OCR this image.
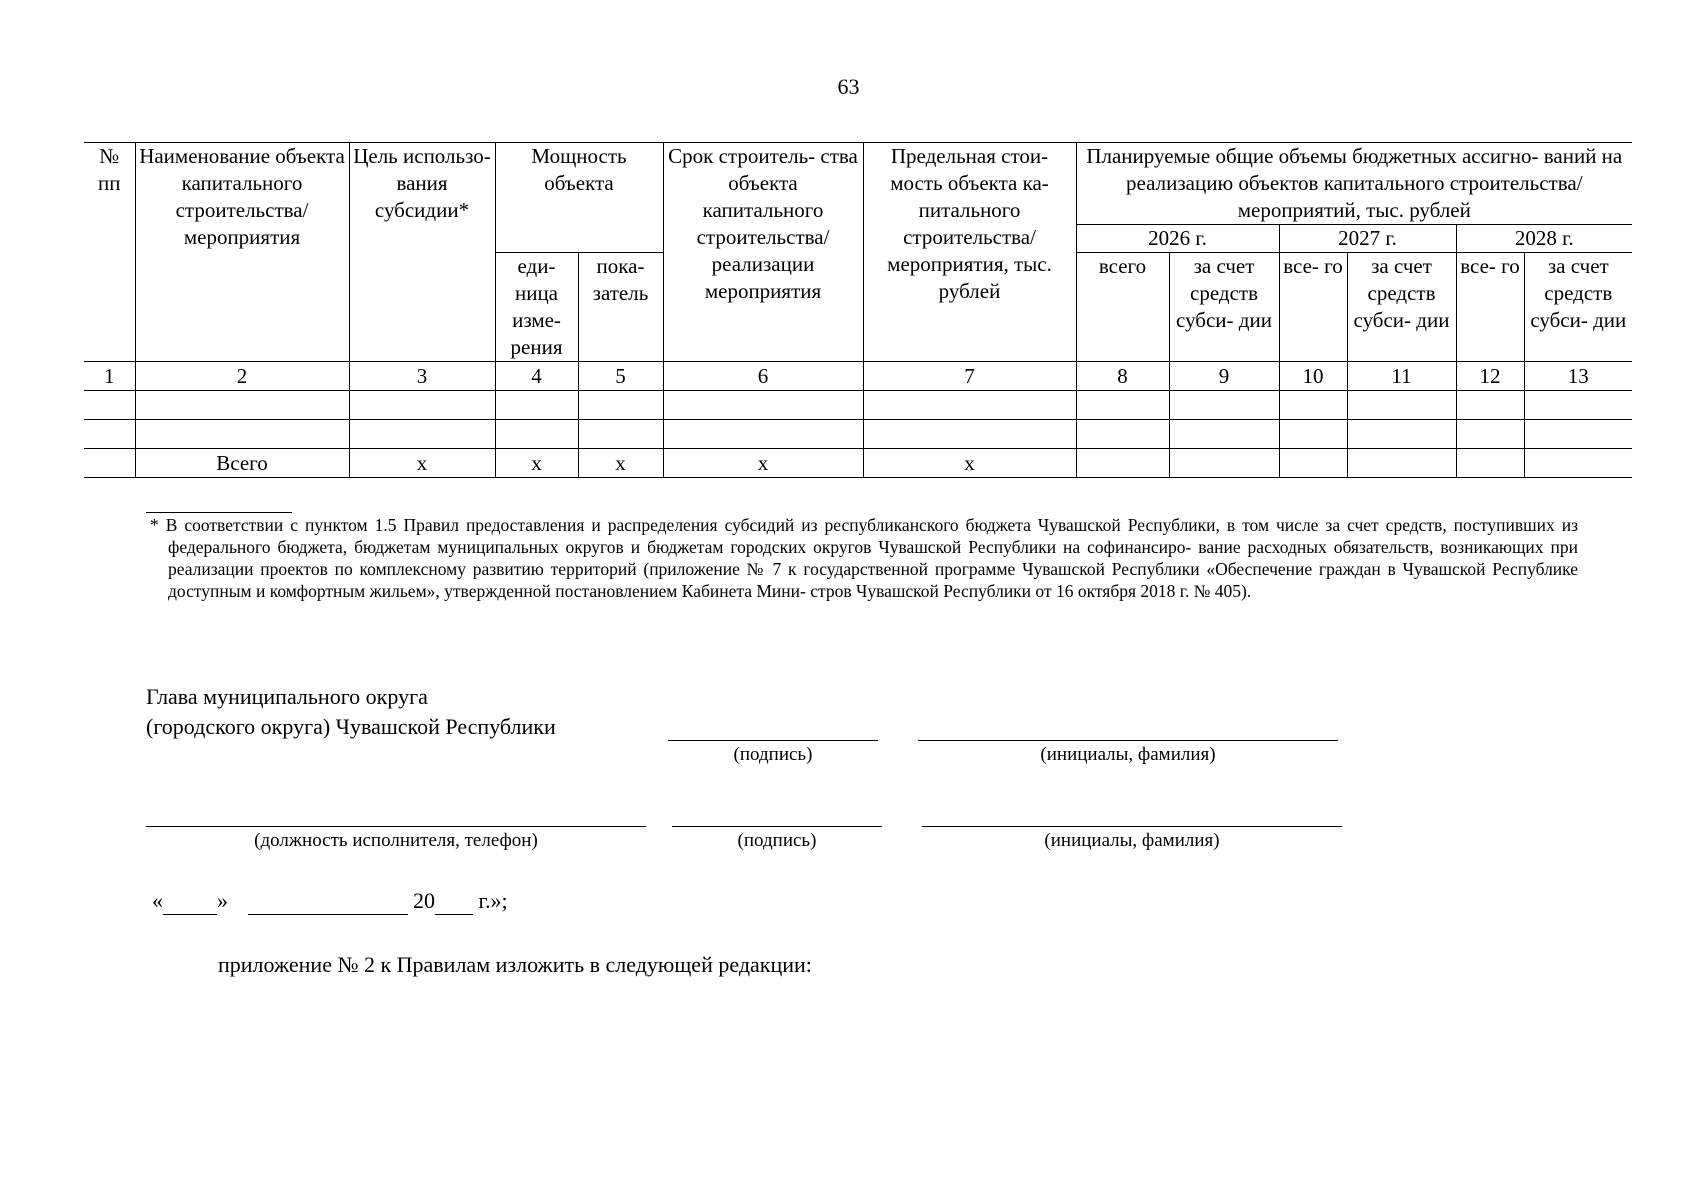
63
№ пп	Наименование объекта капитального строительства/ мероприятия	Цель использо- вания субсидии*	Мощность объекта		Срок строитель- ства объекта капитального строительства/ реализации мероприятия	Предельная стои- мость объекта ка- питального строительства/ мероприятия, тыс. рублей	Планируемые общие объемы бюджетных ассигно- ваний на реализацию объектов капитального строительства/мероприятий, тыс. рублей					
							2026 г.		2027 г.		2028 г.	
			еди- ница изме- рения	пока- затель			всего	за счет средств субси- дии	все- го	за счет средств субси- дии	все- го	за счет средств субси- дии
1	2	3	4	5	6	7	8	9	10	11	12	13

	Всего	х	х	х	х	х						
* В соответствии с пунктом 1.5 Правил предоставления и распределения субсидий из республиканского бюджета Чувашской Республики, в том числе за счет средств, поступивших из федерального бюджета, бюджетам муниципальных округов и бюджетам городских округов Чувашской Республики на софинансиро- вание расходных обязательств, возникающих при реализации проектов по комплексному развитию территорий (приложение № 7 к государственной программе Чувашской Республики «Обеспечение граждан в Чувашской Республике доступным и комфортным жильем», утвержденной постановлением Кабинета Мини- стров Чувашской Республики от 16 октября 2018 г. № 405).
Глава муниципального округа
(городского округа) Чувашской Республики
(подпись)	(инициалы, фамилия)
(должность исполнителя, телефон)	(подпись)	(инициалы, фамилия)
« »	20 г.»;
приложение № 2 к Правилам изложить в следующей редакции:
